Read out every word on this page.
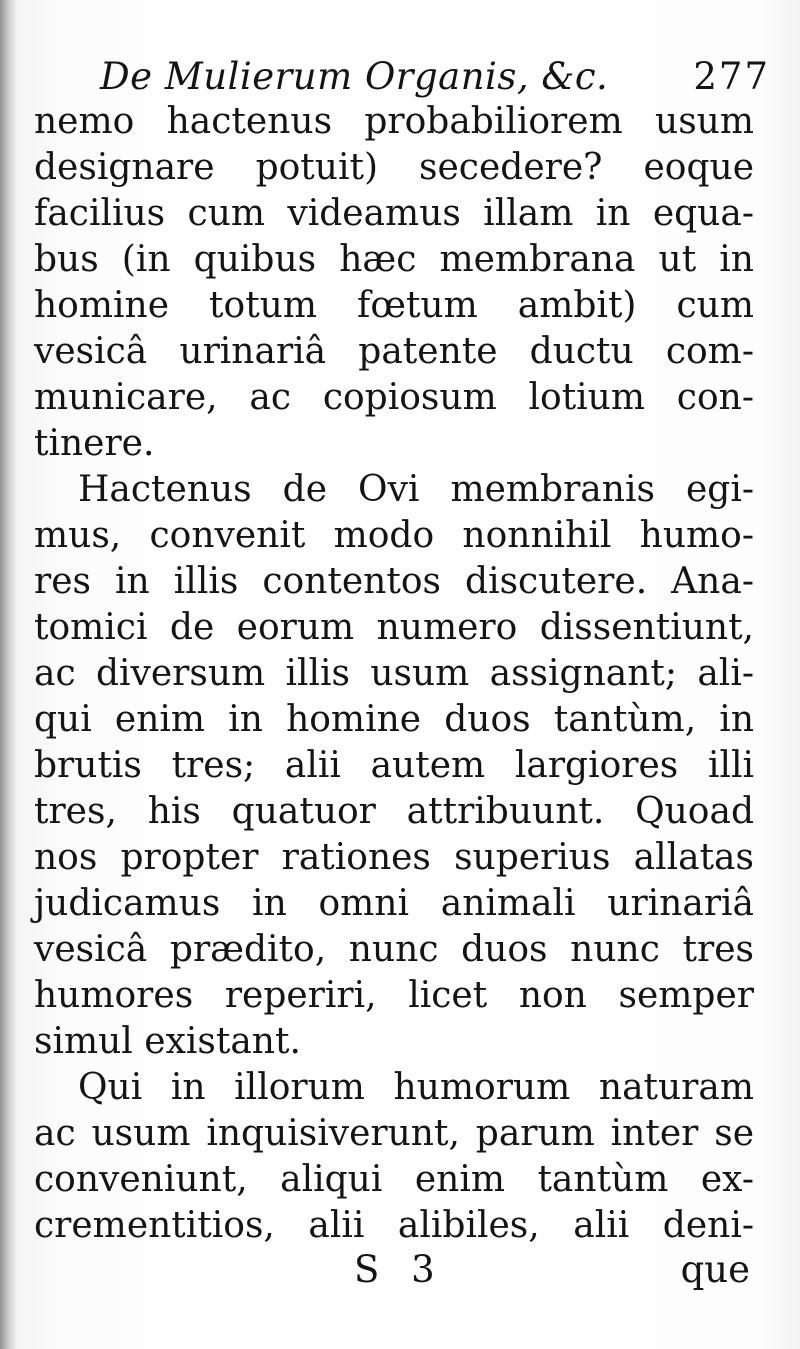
De Mulierum Organis, &c. 277
nemo hactenus probabiliorem usum
designare potuit) secedere? eoque
facilius cum videamus illam in equa-
bus (in quibus hæc membrana ut in
homine totum fœtum ambit) cum
vesicâ urinariâ patente ductu com-
municare, ac copiosum lotium con-
tinere.
Hactenus de Ovi membranis egi-
mus, convenit modo nonnihil humo-
res in illis contentos discutere. Ana-
tomici de eorum numero dissentiunt,
ac diversum illis usum assignant; ali-
qui enim in homine duos tantùm, in
brutis tres; alii autem largiores illi
tres, his quatuor attribuunt. Quoad
nos propter rationes superius allatas
judicamus in omni animali urinariâ
vesicâ prædito, nunc duos nunc tres
humores reperiri, licet non semper
simul existant.
Qui in illorum humorum naturam
ac usum inquisiverunt, parum inter se
conveniunt, aliqui enim tantùm ex-
crementitios, alii alibiles, alii deni-
S 3	que
